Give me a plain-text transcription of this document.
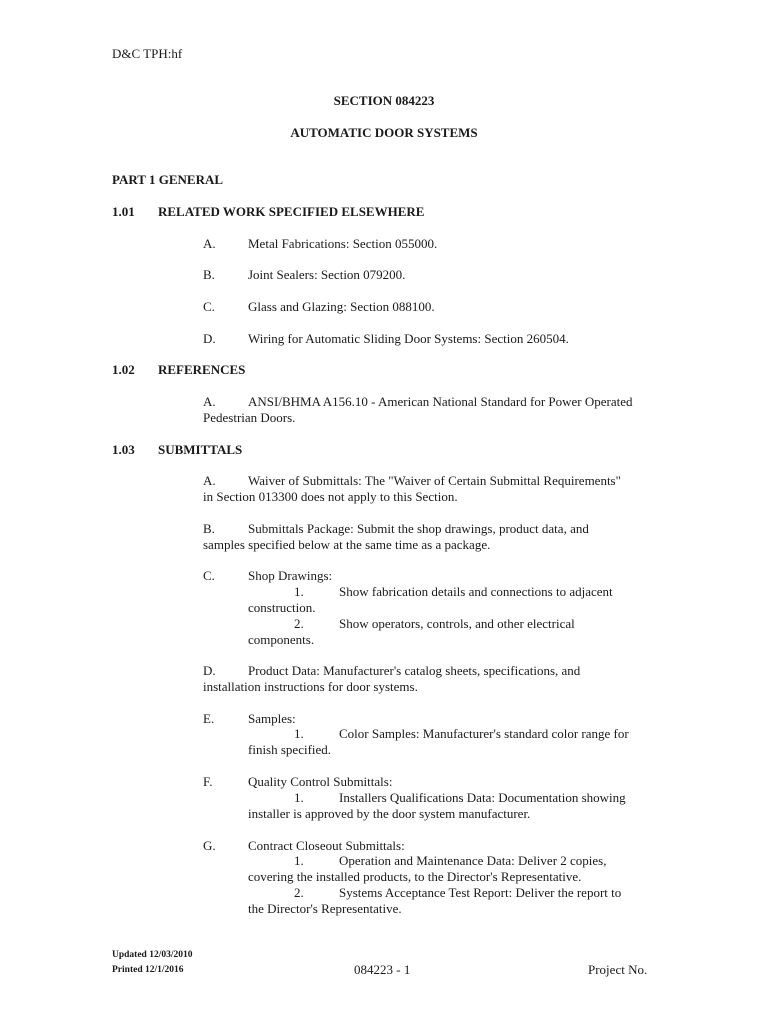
D&C TPH:hf
SECTION 084223
AUTOMATIC DOOR SYSTEMS
PART 1 GENERAL
1.01 RELATED WORK SPECIFIED ELSEWHERE
A. Metal Fabrications: Section 055000.
B.	Joint Sealers: Section 079200.
C.	Glass and Glazing: Section 088100.
D. Wiring for Automatic Sliding Door Systems: Section 260504.
1.02 REFERENCES
A. ANSI/BHMA A156.10 - American National Standard for Power Operated
Pedestrian Doors.
1.03 SUBMITTALS
A. Waiver of Submittals: The "Waiver of Certain Submittal Requirements"
in Section 013300 does not apply to this Section.
B.	Submittals Package: Submit the shop drawings, product data, and
samples specified below at the same time as a package.
C.	Shop Drawings:
1.	Show fabrication details and connections to adjacent
construction.
2.	Show operators, controls, and other electrical
components.
D. Product Data: Manufacturer's catalog sheets, specifications, and
installation instructions for door systems.
E.	Samples:
1.	Color Samples: Manufacturer's standard color range for
finish specified.
F.	Quality Control Submittals:
1.	Installers Qualifications Data: Documentation showing
installer is approved by the door system manufacturer.
G. Contract Closeout Submittals:
1.	Operation and Maintenance Data: Deliver 2 copies,
covering the installed products, to the Director's Representative.
2.	Systems Acceptance Test Report: Deliver the report to
the Director's Representative.
Updated 12/03/2010
Printed 12/1/2016	084223 - 1	Project No.
